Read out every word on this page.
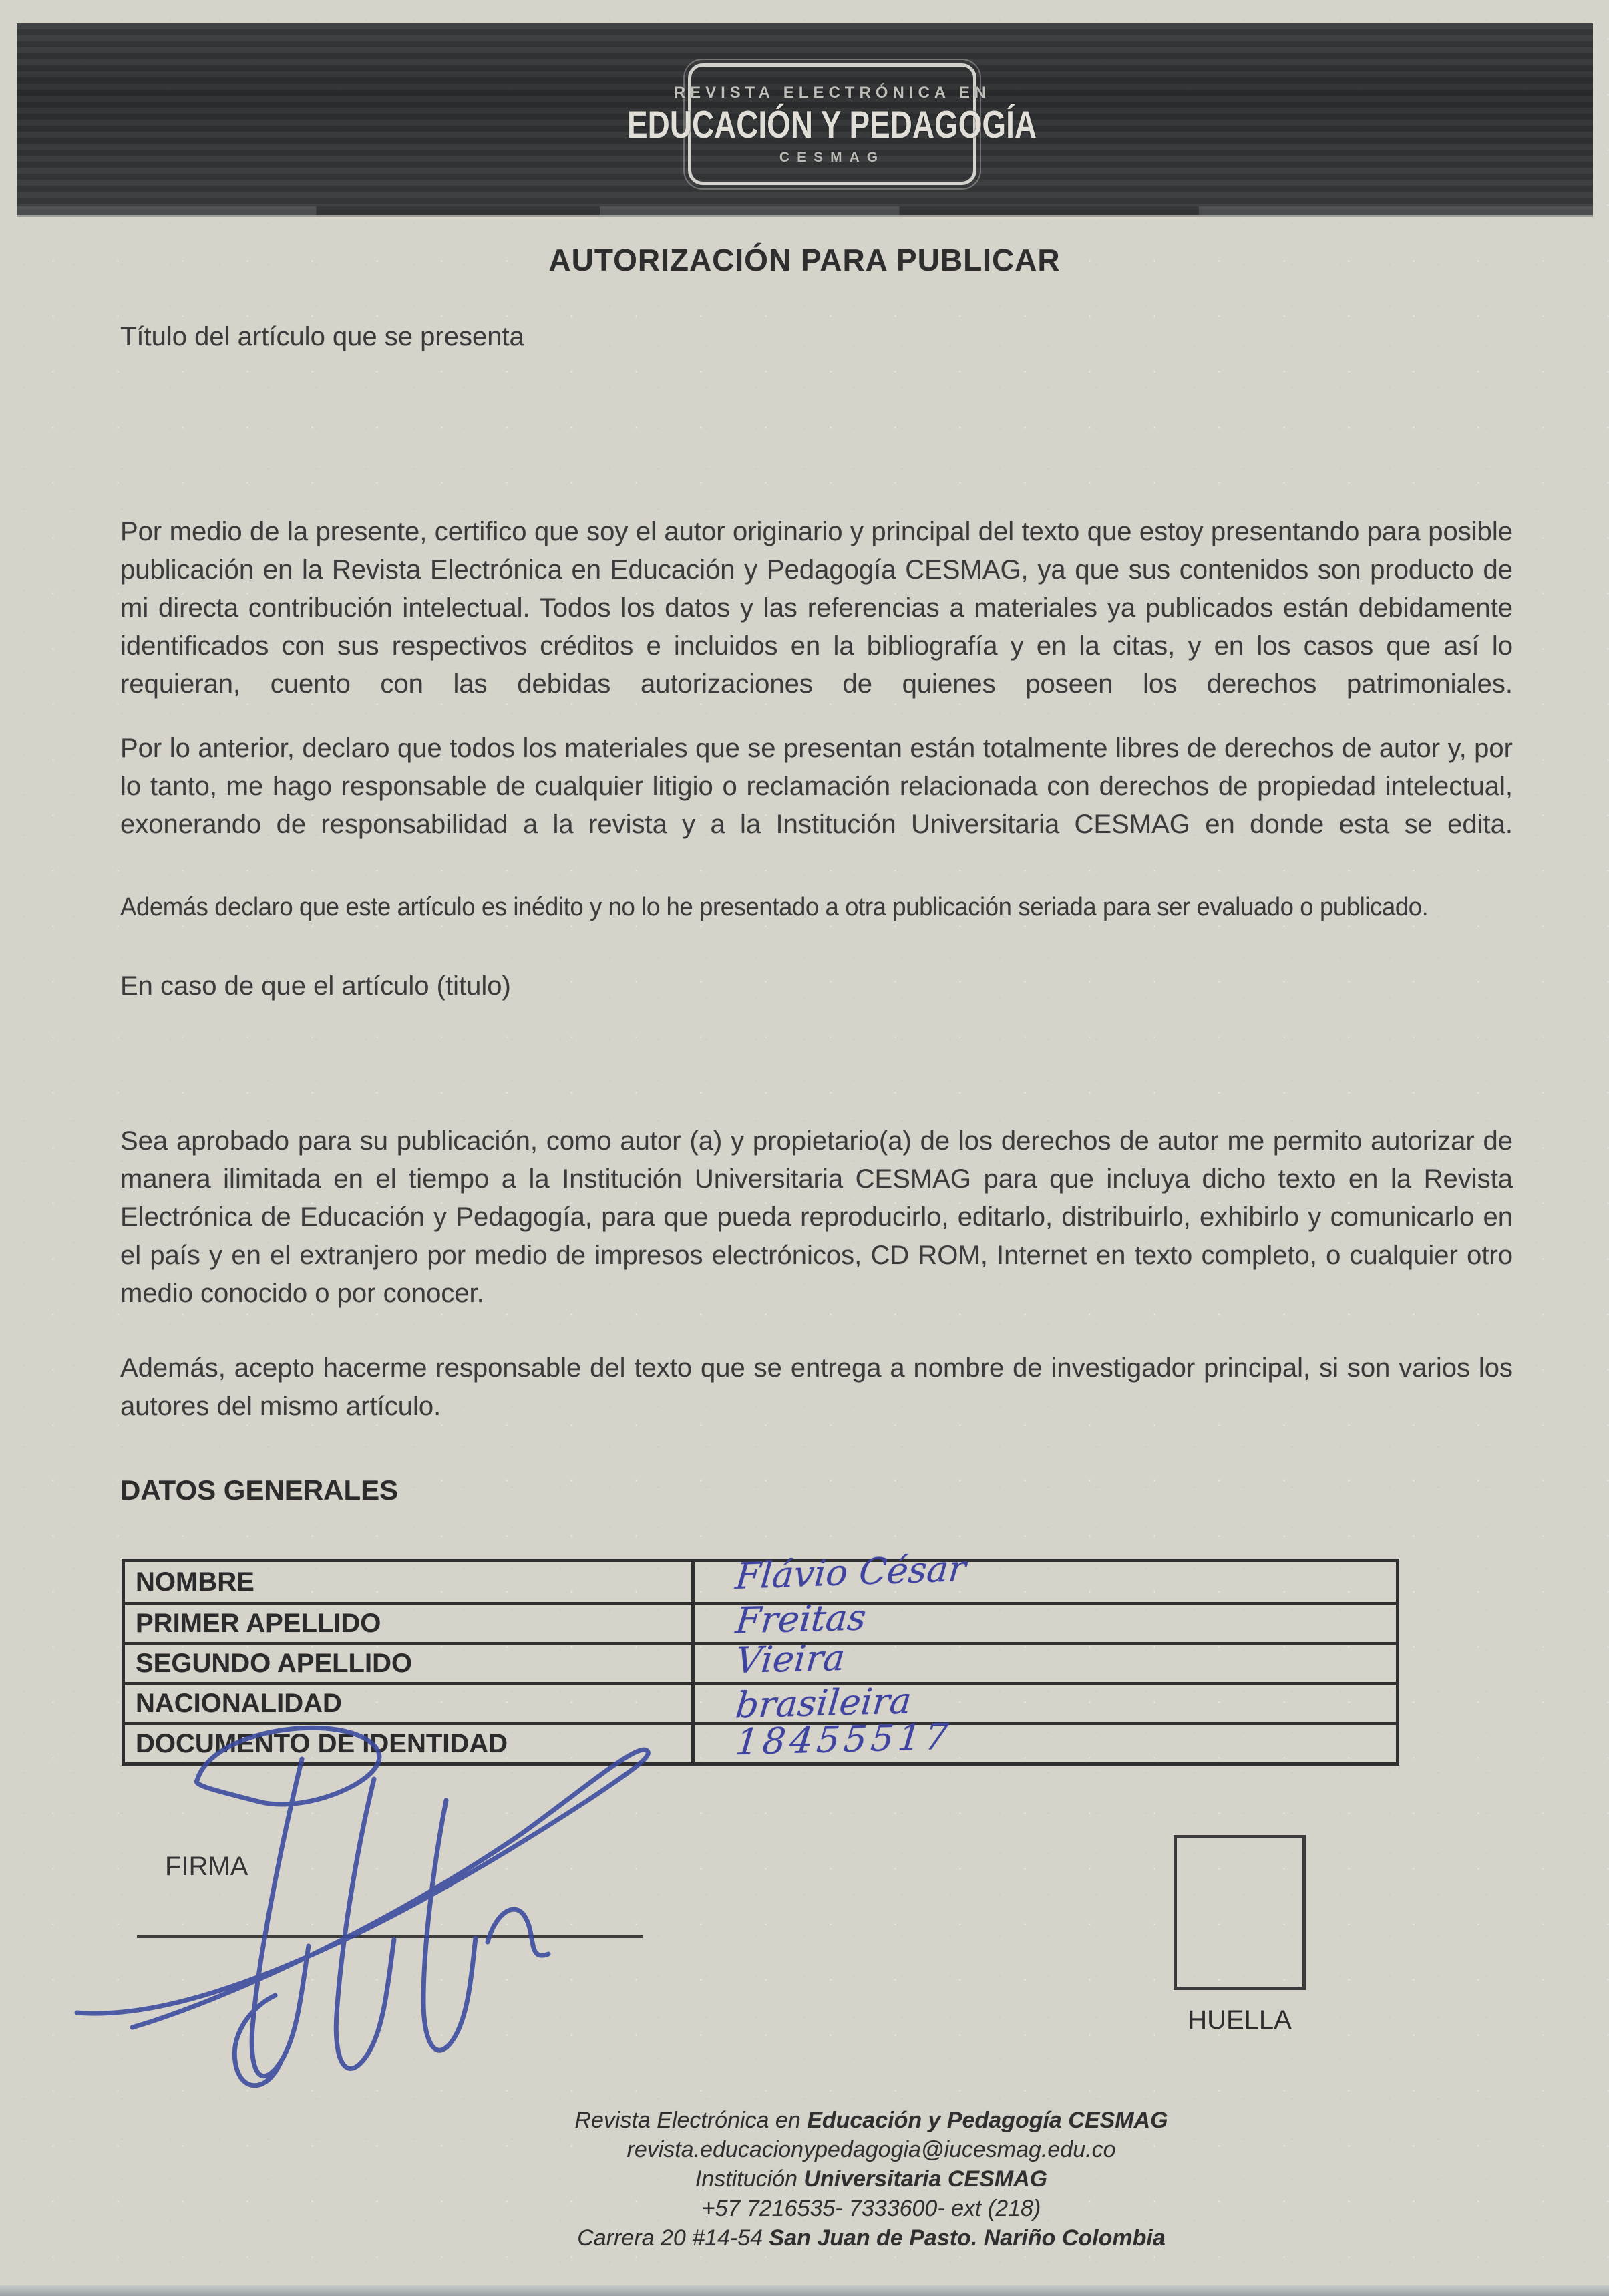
REVISTA ELECTRÓNICA EN
EDUCACIÓN Y PEDAGOGÍA
CESMAG
AUTORIZACIÓN PARA PUBLICAR
Título del artículo que se presenta
Por medio de la presente, certifico que soy el autor originario y principal del texto que estoy presentando para posible publicación en la Revista Electrónica en Educación y Pedagogía CESMAG, ya que sus contenidos son producto de mi directa contribución intelectual. Todos los datos y las referencias a materiales ya publicados están debidamente identificados con sus respectivos créditos e incluidos en la bibliografía y en la citas, y en los casos que así lo requieran, cuento con las debidas autorizaciones de quienes poseen los derechos patrimoniales.
Por lo anterior, declaro que todos los materiales que se presentan están totalmente libres de derechos de autor y, por lo tanto, me hago responsable de cualquier litigio o reclamación relacionada con derechos de propiedad intelectual, exonerando de responsabilidad a la revista y a la Institución Universitaria CESMAG en donde esta se edita.
Además declaro que este artículo es inédito y no lo he presentado a otra publicación seriada para ser evaluado o publicado.
En caso de que el artículo (titulo)
Sea aprobado para su publicación, como autor (a) y propietario(a) de los derechos de autor me permito autorizar de manera ilimitada en el tiempo a la Institución Universitaria CESMAG para que incluya dicho texto en la Revista Electrónica de Educación y Pedagogía, para que pueda reproducirlo, editarlo, distribuirlo, exhibirlo y comunicarlo en el país y en el extranjero por medio de impresos electrónicos, CD ROM, Internet en texto completo, o cualquier otro medio conocido o por conocer.
Además, acepto hacerme responsable del texto que se entrega a nombre de investigador principal, si son varios los autores del mismo artículo.
DATOS GENERALES
NOMBRE	Flávio César
PRIMER APELLIDO	Freitas
SEGUNDO APELLIDO	Vieira
NACIONALIDAD	brasileira
DOCUMENTO DE IDENTIDAD	18455517
FIRMA
HUELLA
Revista Electrónica en Educación y Pedagogía CESMAG
revista.educacionypedagogia@iucesmag.edu.co
Institución Universitaria CESMAG
+57 7216535- 7333600- ext (218)
Carrera 20 #14-54 San Juan de Pasto. Nariño Colombia
